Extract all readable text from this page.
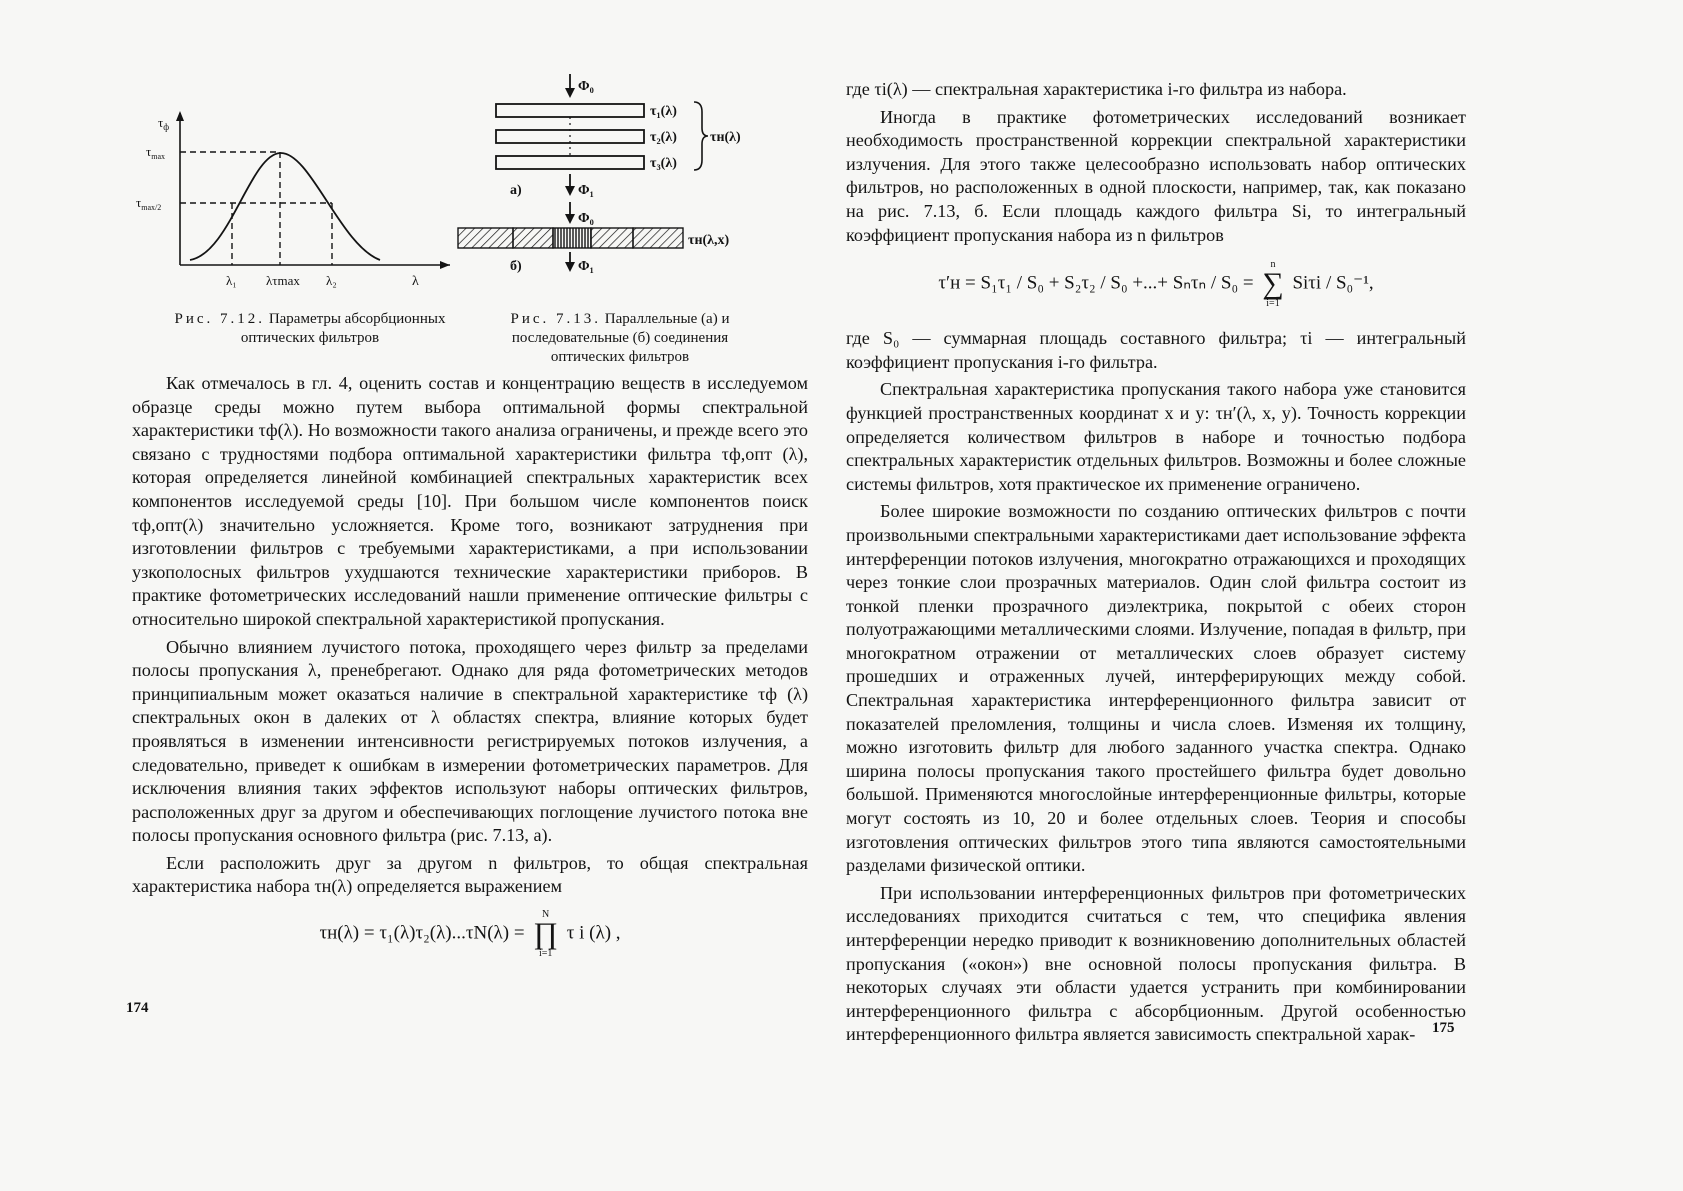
$\tau_ф$
$\tau_{max}$
$\tau_{max/2}$
λ₁ λτmax λ₂	λ
Рис. 7.12. Параметры абсорбционных оптических фильтров
Φ₀
τ₁(λ)
τ₂(λ)
τ₃(λ)
τн(λ)
а)	Φ₁
Φ₀
τн(λ,x)
б)	Φ₁
Рис. 7.13. Параллельные (а) и последовательные (б) соединения оптических фильтров

Как отмечалось в гл. 4, оценить состав и концентрацию веществ в исследуемом образце среды можно путем выбора оптимальной формы спектральной характеристики τф(λ). Но возможности такого анализа ограничены, и прежде всего это связано с трудностями подбора оптимальной характеристики фильтра τф,опт (λ), которая определяется линейной комбинацией спектральных характеристик всех компонентов исследуемой среды [10]. При большом числе компонентов поиск τф,опт(λ) значительно усложняется. Кроме того, возникают затруднения при изготовлении фильтров с требуемыми характеристиками, а при использовании узкополосных фильтров ухудшаются технические характеристики приборов. В практике фотометрических исследований нашли применение оптические фильтры с относительно широкой спектральной характеристикой пропускания.

Обычно влиянием лучистого потока, проходящего через фильтр за пределами полосы пропускания λ, пренебрегают. Однако для ряда фотометрических методов принципиальным может оказаться наличие в спектральной характеристике τф (λ) спектральных окон в далеких от λ областях спектра, влияние которых будет проявляться в изменении интенсивности регистрируемых потоков излучения, а следовательно, приведет к ошибкам в измерении фотометрических параметров. Для исключения влияния таких эффектов используют наборы оптических фильтров, расположенных друг за другом и обеспечивающих поглощение лучистого потока вне полосы пропускания основного фильтра (рис. 7.13, а).

Если расположить друг за другом n фильтров, то общая спектральная характеристика набора τн(λ) определяется выражением

τн(λ) = τ₁(λ)τ₂(λ)...τN(λ) =
N
∏
i=1
τ i (λ) ,
174

где τi(λ) — спектральная характеристика i-го фильтра из набора.

Иногда в практике фотометрических исследований возникает необходимость пространственной коррекции спектральной характеристики излучения. Для этого также целесообразно использовать набор оптических фильтров, но расположенных в одной плоскости, например, так, как показано на рис. 7.13, б. Если площадь каждого фильтра Si, то интегральный коэффициент пропускания набора из n фильтров

τ′н = S₁τ₁ / S₀ + S₂τ₂ / S₀ +...+ Sₙτₙ / S₀ =
n
∑
i=1
Siτi / S₀⁻¹,

где S₀ — суммарная площадь составного фильтра; τi — интегральный коэффициент пропускания i-го фильтра.

Спектральная характеристика пропускания такого набора уже становится функцией пространственных координат x и y: τн′(λ, x, y). Точность коррекции определяется количеством фильтров в наборе и точностью подбора спектральных характеристик отдельных фильтров. Возможны и более сложные системы фильтров, хотя практическое их применение ограничено.

Более широкие возможности по созданию оптических фильтров с почти произвольными спектральными характеристиками дает использование эффекта интерференции потоков излучения, многократно отражающихся и проходящих через тонкие слои прозрачных материалов. Один слой фильтра состоит из тонкой пленки прозрачного диэлектрика, покрытой с обеих сторон полуотражающими металлическими слоями. Излучение, попадая в фильтр, при многократном отражении от металлических слоев образует систему прошедших и отраженных лучей, интерферирующих между собой. Спектральная характеристика интерференционного фильтра зависит от показателей преломления, толщины и числа слоев. Изменяя их толщину, можно изготовить фильтр для любого заданного участка спектра. Однако ширина полосы пропускания такого простейшего фильтра будет довольно большой. Применяются многослойные интерференционные фильтры, которые могут состоять из 10, 20 и более отдельных слоев. Теория и способы изготовления оптических фильтров этого типа являются самостоятельными разделами физической оптики.

При использовании интерференционных фильтров при фотометрических исследованиях приходится считаться с тем, что специфика явления интерференции нередко приводит к возникновению дополнительных областей пропускания («окон») вне основной полосы пропускания фильтра. В некоторых случаях эти области удается устранить при комбинировании интерференционного фильтра с абсорбционным. Другой особенностью интерференционного фильтра является зависимость спектральной харак-	175
